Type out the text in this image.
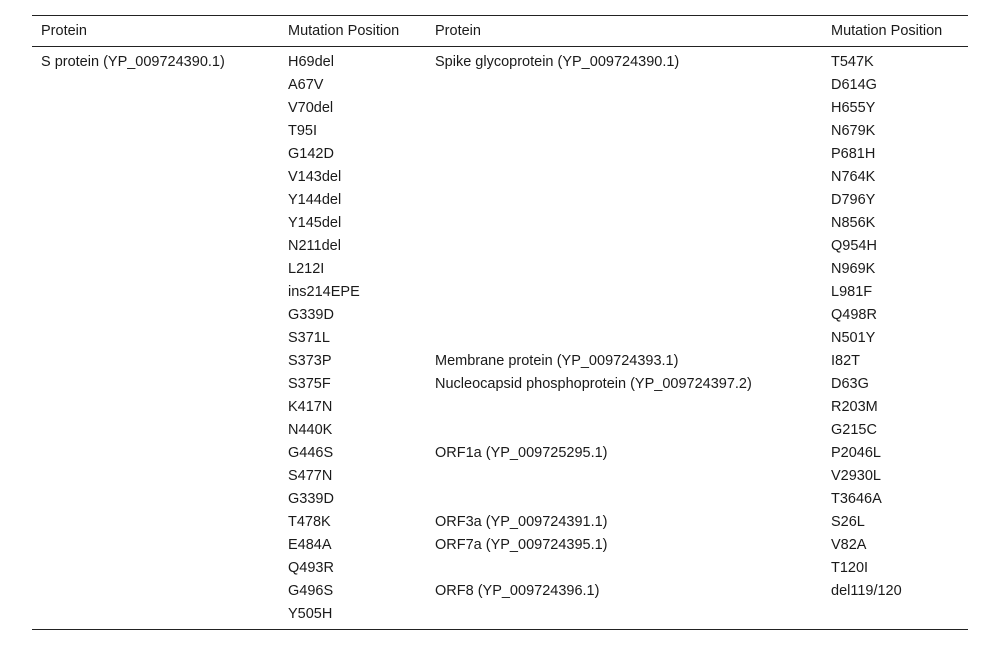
Protein	Mutation Position	Protein	Mutation Position
S protein (YP_009724390.1)	H69del	Spike glycoprotein (YP_009724390.1)	T547K
	A67V		D614G
	V70del		H655Y
	T95I		N679K
	G142D		P681H
	V143del		N764K
	Y144del		D796Y
	Y145del		N856K
	N211del		Q954H
	L212I		N969K
	ins214EPE		L981F
	G339D		Q498R
	S371L		N501Y
	S373P	Membrane protein (YP_009724393.1)	I82T
	S375F	Nucleocapsid phosphoprotein (YP_009724397.2)	D63G
	K417N		R203M
	N440K		G215C
	G446S	ORF1a (YP_009725295.1)	P2046L
	S477N		V2930L
	G339D		T3646A
	T478K	ORF3a (YP_009724391.1)	S26L
	E484A	ORF7a (YP_009724395.1)	V82A
	Q493R		T120I
	G496S	ORF8 (YP_009724396.1)	del119/120
	Y505H		
